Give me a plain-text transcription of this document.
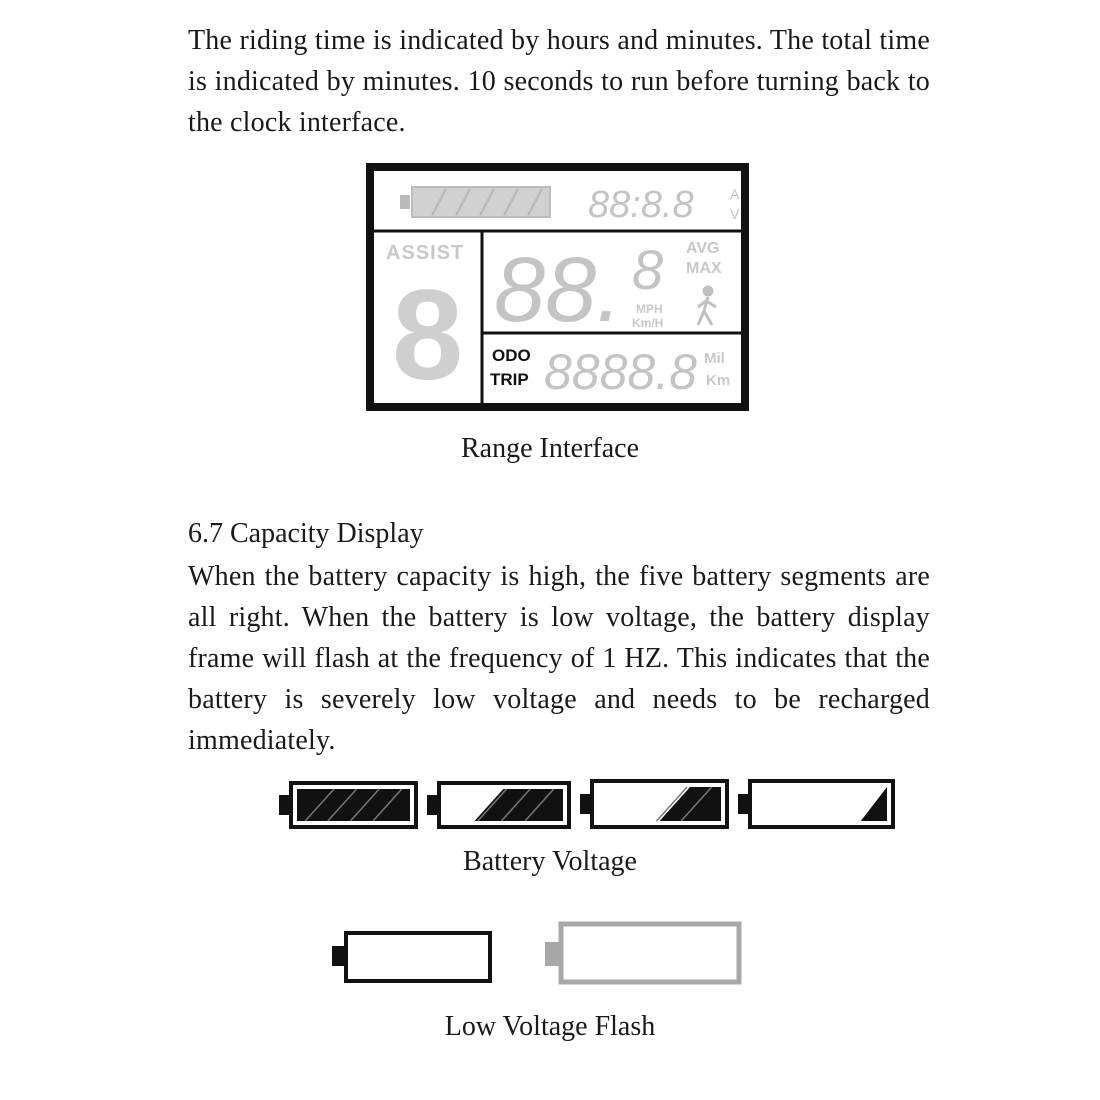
The riding time is indicated by hours and minutes. The total time is indicated by minutes. 10 seconds to run before turning back to the clock interface.
88:8.8	A
V
ASSIST
8 88. 8 AVG
MAX
MPH
Km/H
ODO
TRIP 8888.8 Mil
Km
Range Interface
6.7 Capacity Display
When the battery capacity is high, the five battery segments are all right. When the battery is low voltage, the battery display frame will flash at the frequency of 1 HZ. This indicates that the battery is severely low voltage and needs to be recharged immediately.
Battery Voltage
Low Voltage Flash
